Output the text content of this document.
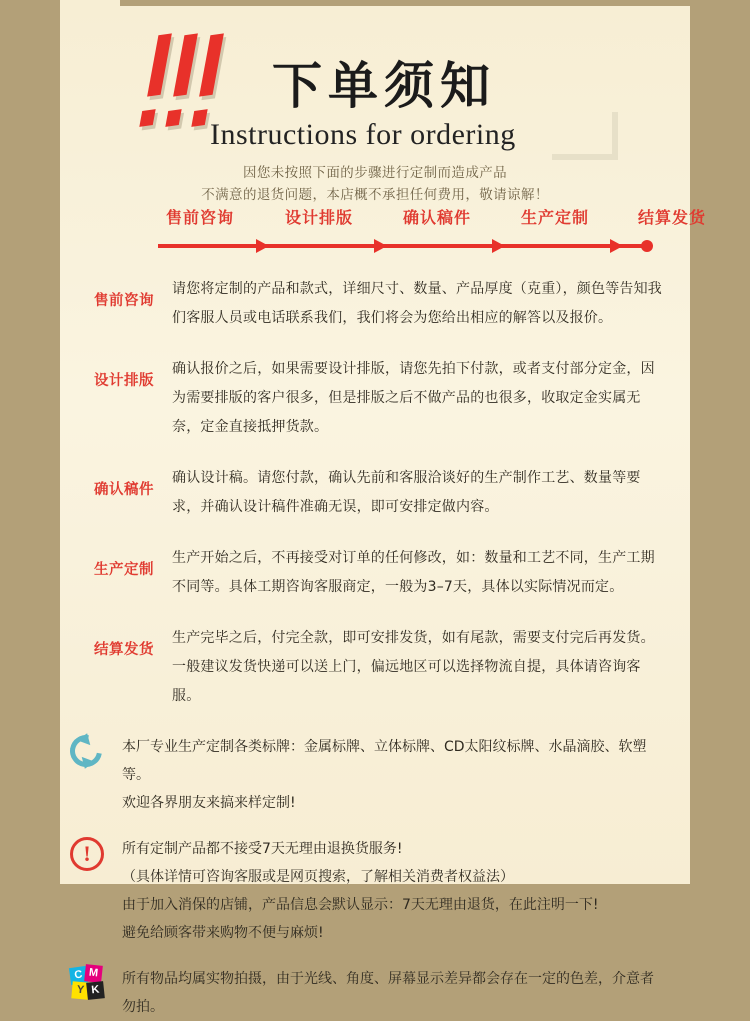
下单须知
Instructions for ordering
因您未按照下面的步骤进行定制而造成产品
不满意的退货问题，本店概不承担任何费用，敬请谅解！
售前咨询	设计排版	确认稿件	生产定制	结算发货
售前咨询
请您将定制的产品和款式，详细尺寸、数量、产品厚度（克重），颜色等告知我们客服人员或电话联系我们，我们将会为您给出相应的解答以及报价。
设计排版
确认报价之后，如果需要设计排版，请您先拍下付款，或者支付部分定金，因为需要排版的客户很多，但是排版之后不做产品的也很多，收取定金实属无奈，定金直接抵押货款。
确认稿件
确认设计稿。请您付款，确认先前和客服洽谈好的生产制作工艺、数量等要求，并确认设计稿件准确无误，即可安排定做内容。
生产定制
生产开始之后，不再接受对订单的任何修改，如：数量和工艺不同，生产工期不同等。具体工期咨询客服商定，一般为3–7天，具体以实际情况而定。
结算发货
生产完毕之后，付完全款，即可安排发货，如有尾款，需要支付完后再发货。一般建议发货快递可以送上门，偏远地区可以选择物流自提，具体请咨询客服。
本厂专业生产定制各类标牌：金属标牌、立体标牌、CD太阳纹标牌、水晶滴胶、软塑等。
欢迎各界朋友来搞来样定制!
!	所有定制产品都不接受7天无理由退换货服务!
（具体详情可咨询客服或是网页搜索，了解相关消费者权益法）
由于加入消保的店铺，产品信息会默认显示：7天无理由退货，在此注明一下!
避免给顾客带来购物不便与麻烦!
C M
Y K
所有物品均属实物拍摄，由于光线、角度、屏幕显示差异都会存在一定的色差，介意者勿拍。
